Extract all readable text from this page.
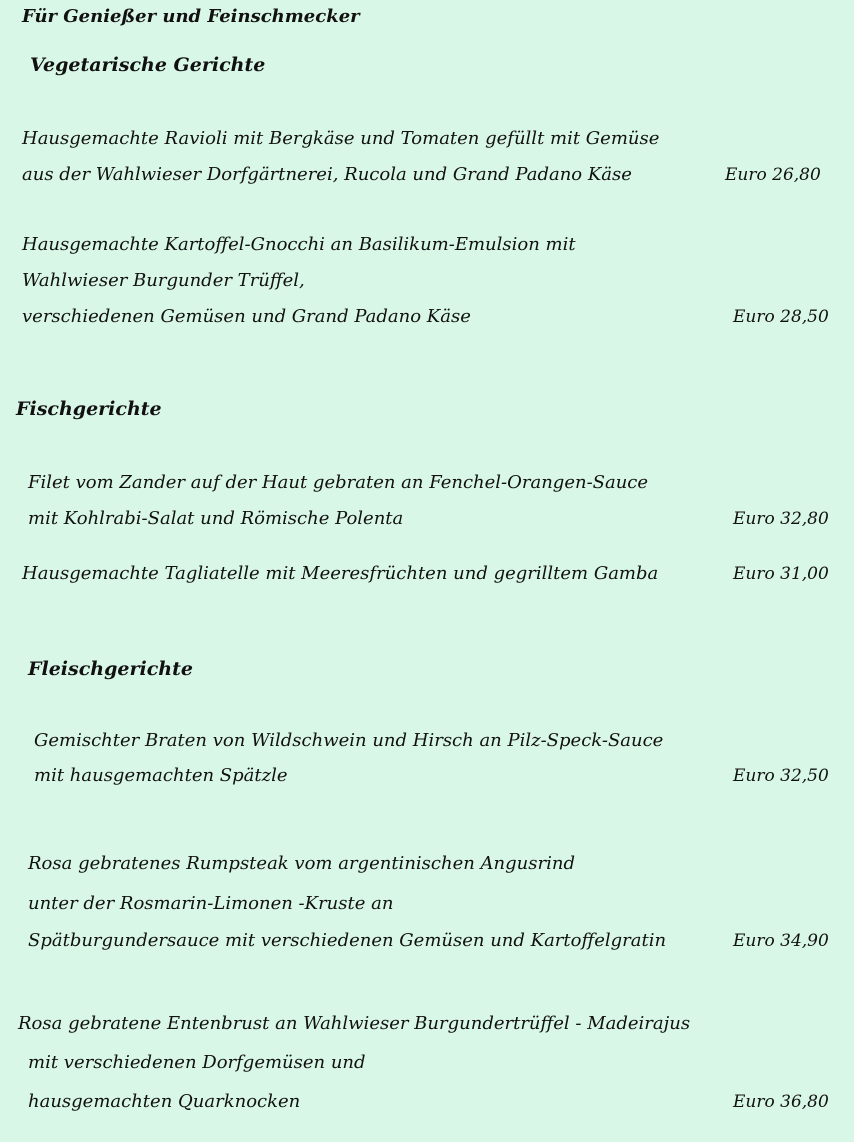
Für Genießer und Feinschmecker
Vegetarische Gerichte
Hausgemachte Ravioli mit Bergkäse und Tomaten gefüllt mit Gemüse
aus der Wahlwieser Dorfgärtnerei, Rucola und Grand Padano Käse	Euro 26,80
Hausgemachte Kartoffel-Gnocchi an Basilikum-Emulsion mit
Wahlwieser Burgunder Trüffel,
verschiedenen Gemüsen und Grand Padano Käse	Euro 28,50
Fischgerichte
Filet vom Zander auf der Haut gebraten an Fenchel-Orangen-Sauce
mit Kohlrabi-Salat und Römische Polenta	Euro 32,80
Hausgemachte Tagliatelle mit Meeresfrüchten und gegrilltem Gamba	Euro 31,00
Fleischgerichte
Gemischter Braten von Wildschwein und Hirsch an Pilz-Speck-Sauce
mit hausgemachten Spätzle	Euro 32,50
Rosa gebratenes Rumpsteak vom argentinischen Angusrind
unter der Rosmarin-Limonen -Kruste an
Spätburgundersauce mit verschiedenen Gemüsen und Kartoffelgratin	Euro 34,90
Rosa gebratene Entenbrust an Wahlwieser Burgundertrüffel - Madeirajus
mit verschiedenen Dorfgemüsen und
hausgemachten Quarknocken	Euro 36,80
